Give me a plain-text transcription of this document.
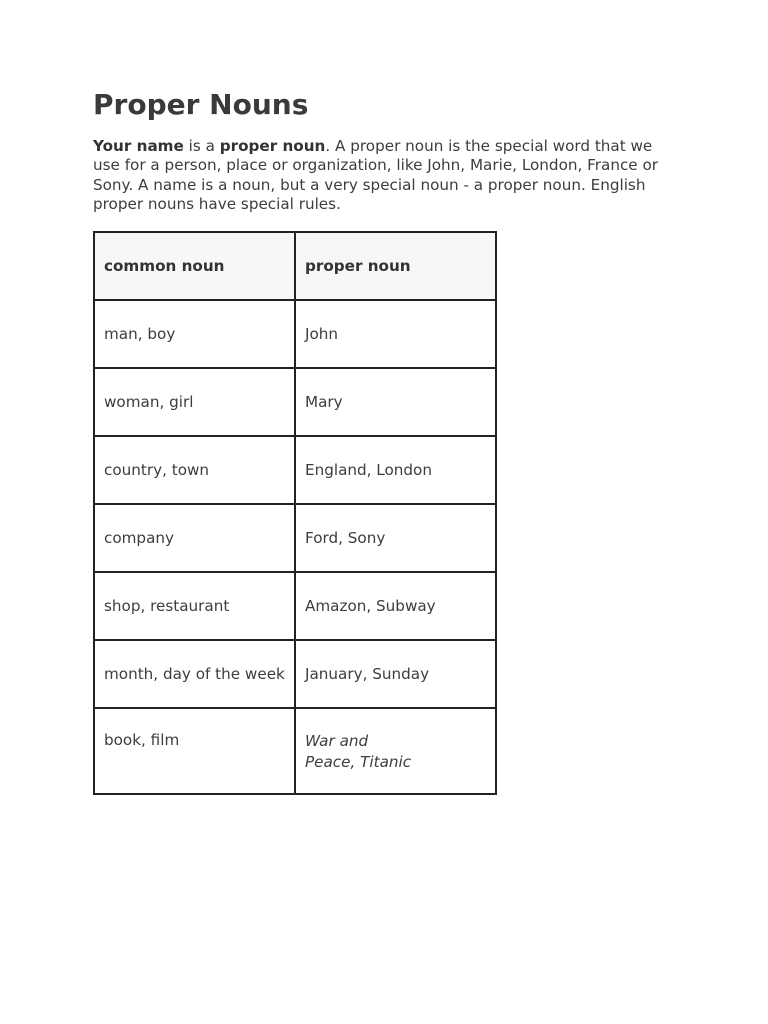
Proper Nouns

Your name is a proper noun. A proper noun is the special word that we use for a person, place or organization, like John, Marie, London, France or Sony. A name is a noun, but a very special noun - a proper noun. English proper nouns have special rules.

common noun	proper noun
man, boy	John
woman, girl	Mary
country, town	England, London
company	Ford, Sony
shop, restaurant	Amazon, Subway
month, day of the week	January, Sunday
book, film	War and
Peace, Titanic
